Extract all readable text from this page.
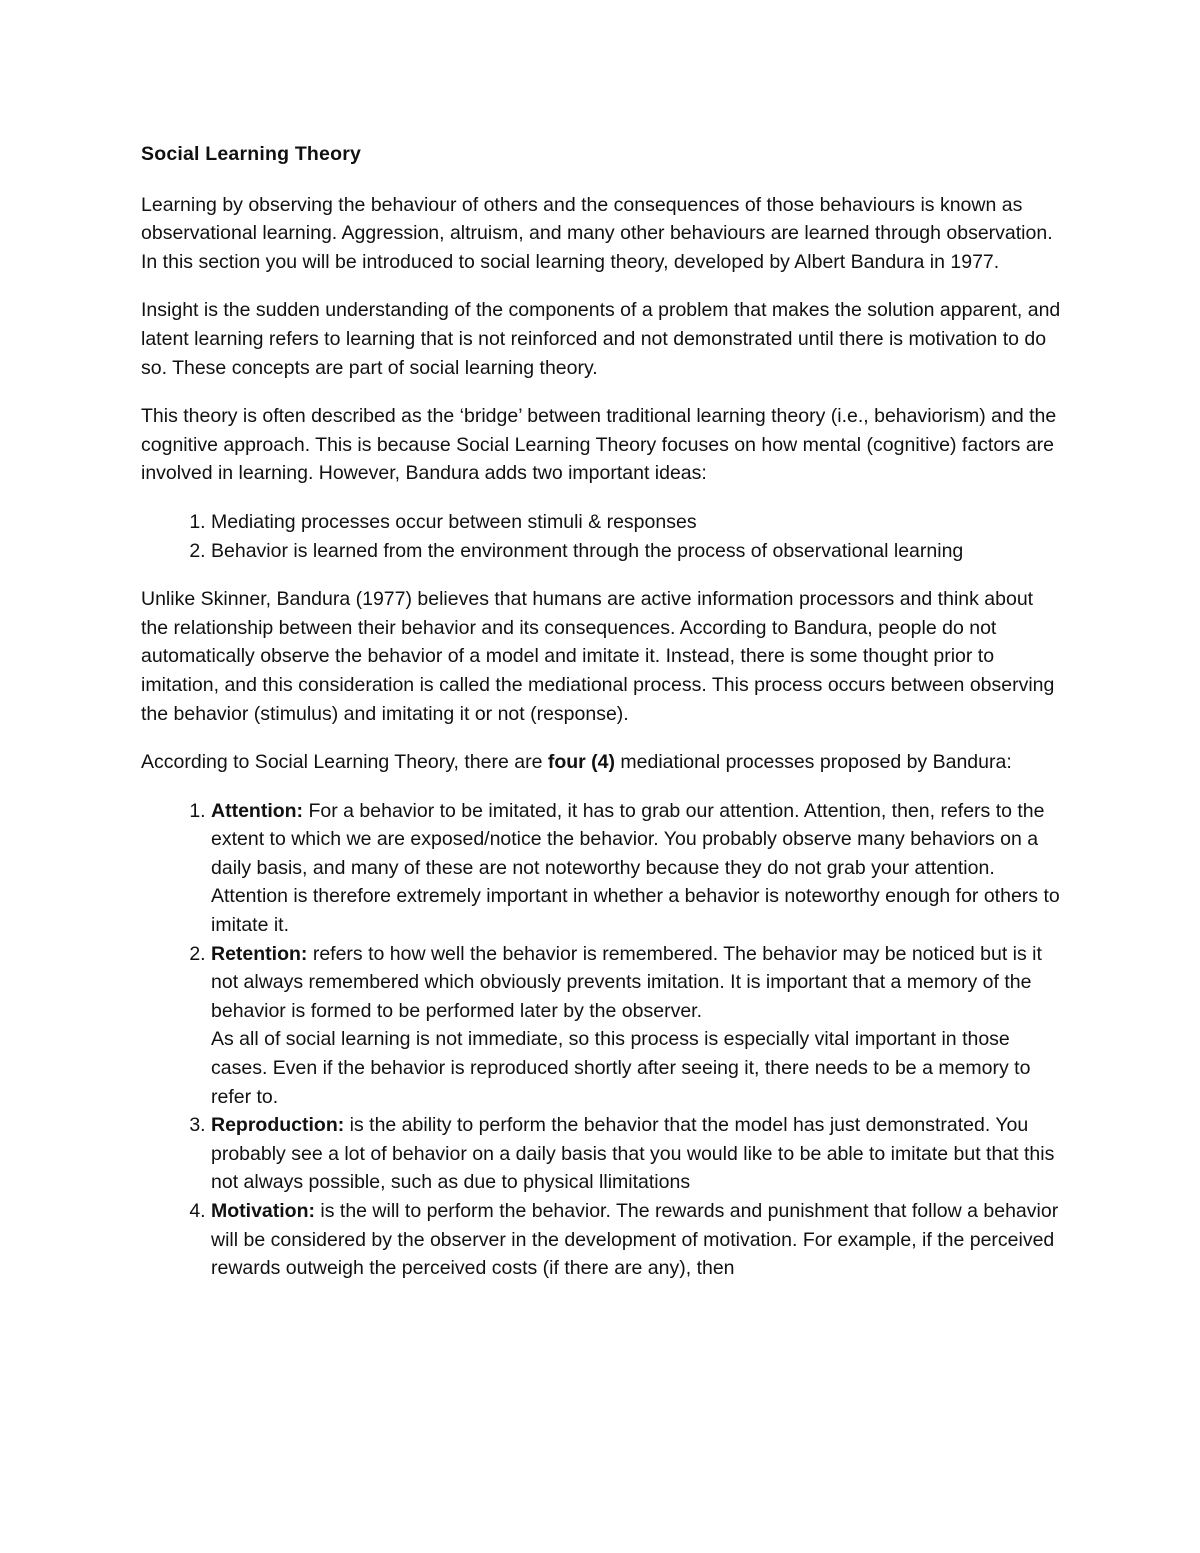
Social Learning Theory

Learning by observing the behaviour of others and the consequences of those behaviours is known as observational learning. Aggression, altruism, and many other behaviours are learned through observation. In this section you will be introduced to social learning theory, developed by Albert Bandura in 1977.

Insight is the sudden understanding of the components of a problem that makes the solution apparent, and latent learning refers to learning that is not reinforced and not demonstrated until there is motivation to do so. These concepts are part of social learning theory.

This theory is often described as the ‘bridge’ between traditional learning theory (i.e., behaviorism) and the cognitive approach. This is because Social Learning Theory focuses on how mental (cognitive) factors are involved in learning. However, Bandura adds two important ideas:

1. Mediating processes occur between stimuli & responses
2. Behavior is learned from the environment through the process of observational learning

Unlike Skinner, Bandura (1977) believes that humans are active information processors and think about the relationship between their behavior and its consequences. According to Bandura, people do not automatically observe the behavior of a model and imitate it. Instead, there is some thought prior to imitation, and this consideration is called the mediational process. This process occurs between observing the behavior (stimulus) and imitating it or not (response).

According to Social Learning Theory, there are four (4) mediational processes proposed by Bandura:

1. Attention: For a behavior to be imitated, it has to grab our attention. Attention, then, refers to the extent to which we are exposed/notice the behavior. You probably observe many behaviors on a daily basis, and many of these are not noteworthy because they do not grab your attention. Attention is therefore extremely important in whether a behavior is noteworthy enough for others to imitate it.
2. Retention: refers to how well the behavior is remembered. The behavior may be noticed but is it not always remembered which obviously prevents imitation. It is important that a memory of the behavior is formed to be performed later by the observer.
As all of social learning is not immediate, so this process is especially vital important in those cases. Even if the behavior is reproduced shortly after seeing it, there needs to be a memory to refer to.
3. Reproduction: is the ability to perform the behavior that the model has just demonstrated. You probably see a lot of behavior on a daily basis that you would like to be able to imitate but that this not always possible, such as due to physical llimitations
4. Motivation: is the will to perform the behavior. The rewards and punishment that follow a behavior will be considered by the observer in the development of motivation. For example, if the perceived rewards outweigh the perceived costs (if there are any), then
